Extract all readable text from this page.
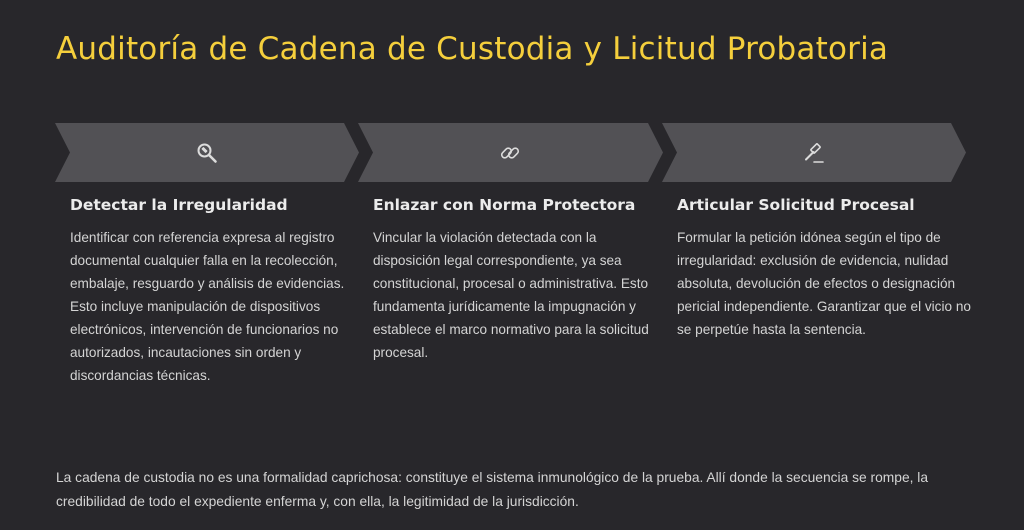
Auditoría de Cadena de Custodia y Licitud Probatoria
Detectar la Irregularidad

Identificar con referencia expresa al registro documental cualquier falla en la recolección, embalaje, resguardo y análisis de evidencias. Esto incluye manipulación de dispositivos electrónicos, intervención de funcionarios no autorizados, incautaciones sin orden y discordancias técnicas.

Enlazar con Norma Protectora

Vincular la violación detectada con la disposición legal correspondiente, ya sea constitucional, procesal o administrativa. Esto fundamenta jurídicamente la impugnación y establece el marco normativo para la solicitud procesal.

Articular Solicitud Procesal

Formular la petición idónea según el tipo de irregularidad: exclusión de evidencia, nulidad absoluta, devolución de efectos o designación pericial independiente. Garantizar que el vicio no se perpetúe hasta la sentencia.

La cadena de custodia no es una formalidad caprichosa: constituye el sistema inmunológico de la prueba. Allí donde la secuencia se rompe, la credibilidad de todo el expediente enferma y, con ella, la legitimidad de la jurisdicción.
